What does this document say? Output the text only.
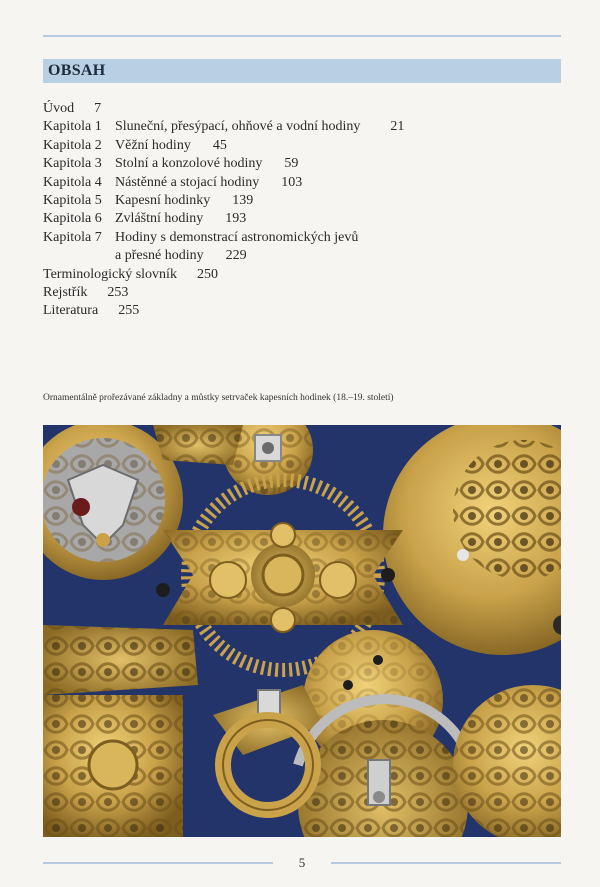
OBSAH
Úvod 7
Kapitola 1 Sluneční, přesýpací, ohňové a vodní hodiny 21
Kapitola 2 Věžní hodiny 45
Kapitola 3 Stolní a konzolové hodiny 59
Kapitola 4 Nástěnné a stojací hodiny 103
Kapitola 5 Kapesní hodinky 139
Kapitola 6 Zvláštní hodiny 193
Kapitola 7 Hodiny s demonstrací astronomických jevů
a přesné hodiny 229
Terminologický slovník 250
Rejstřík 253
Literatura 255
Ornamentálně prořezávané základny a můstky setrvaček kapesních hodinek (18.–19. století)
5
